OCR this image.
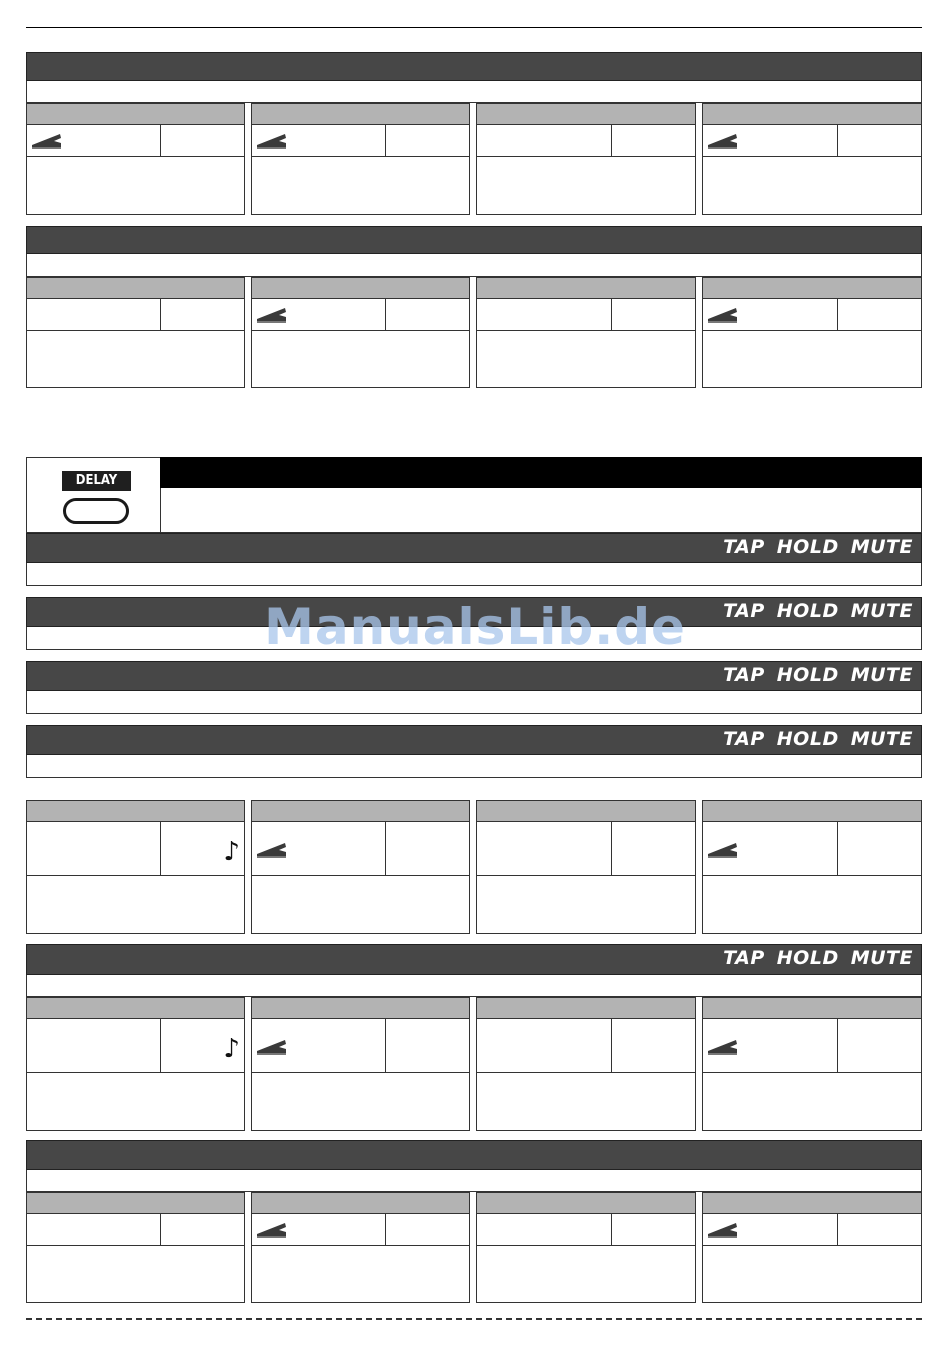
DELAY
TAP HOLD MUTE
TAP HOLD MUTE
TAP HOLD MUTE
TAP HOLD MUTE
♪
TAP HOLD MUTE
♪
ManualsLib.de
